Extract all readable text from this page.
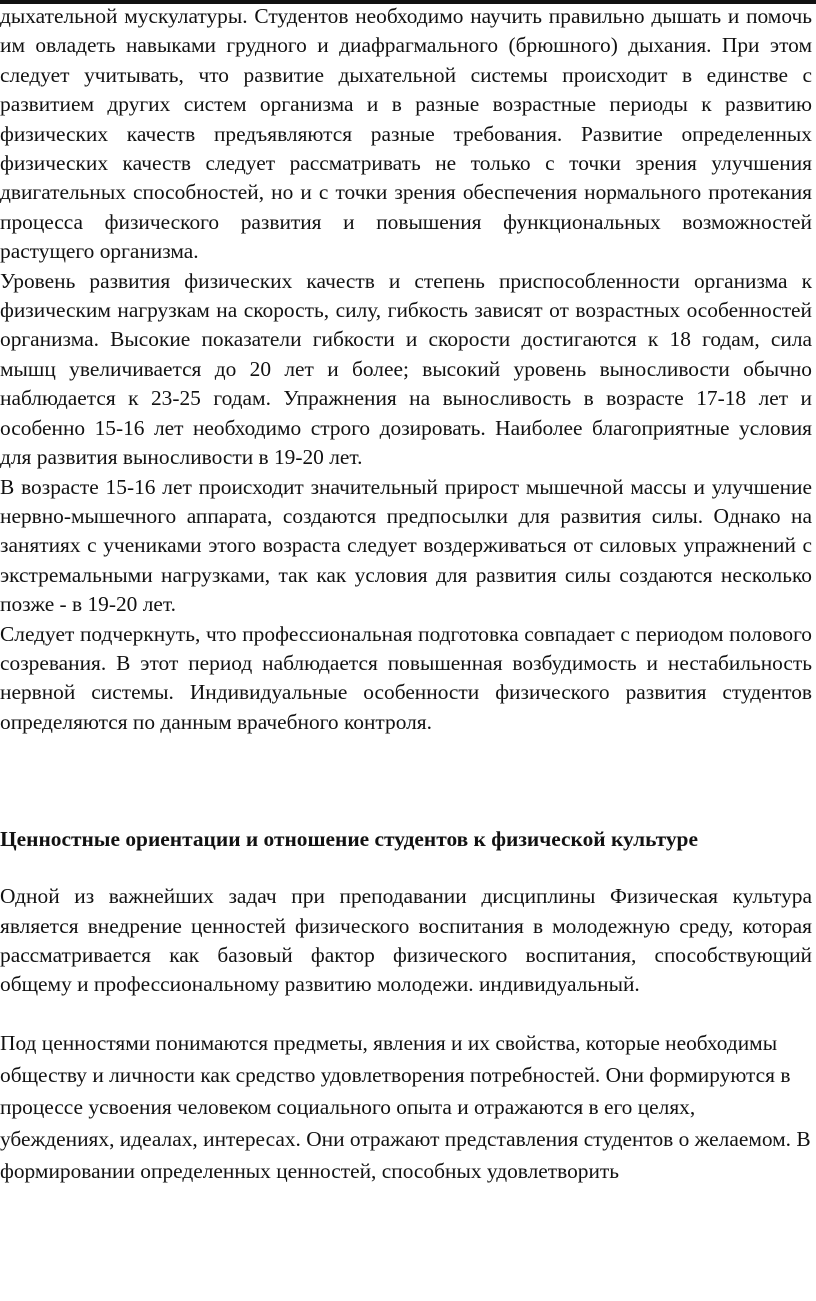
дыхательной мускулатуры. Студентов необходимо научить правильно дышать и помочь им овладеть навыками грудного и диафрагмального (брюшного) дыхания. При этом следует учитывать, что развитие дыхательной системы происходит в единстве с развитием других систем организма и в разные возрастные периоды к развитию физических качеств предъявляются разные требования. Развитие определенных физических качеств следует рассматривать не только с точки зрения улучшения двигательных способностей, но и с точки зрения обеспечения нормального протекания процесса физического развития и повышения функциональных возможностей растущего организма.

Уровень развития физических качеств и степень приспособленности организма к физическим нагрузкам на скорость, силу, гибкость зависят от возрастных особенностей организма. Высокие показатели гибкости и скорости достигаются к 18 годам, сила мышц увеличивается до 20 лет и более; высокий уровень выносливости обычно наблюдается к 23-25 годам. Упражнения на выносливость в возрасте 17-18 лет и особенно 15-16 лет необходимо строго дозировать. Наиболее благоприятные условия для развития выносливости в 19-20 лет.

В возрасте 15-16 лет происходит значительный прирост мышечной массы и улучшение нервно-мышечного аппарата, создаются предпосылки для развития силы. Однако на занятиях с учениками этого возраста следует воздерживаться от силовых упражнений с экстремальными нагрузками, так как условия для развития силы создаются несколько позже - в 19-20 лет.

Следует подчеркнуть, что профессиональная подготовка совпадает с периодом полового созревания. В этот период наблюдается повышенная возбудимость и нестабильность нервной системы. Индивидуальные особенности физического развития студентов определяются по данным врачебного контроля.

Ценностные ориентации и отношение студентов к физической культуре

Одной из важнейших задач при преподавании дисциплины Физическая культура является внедрение ценностей физического воспитания в молодежную среду, которая рассматривается как базовый фактор физического воспитания, способствующий общему и профессиональному развитию молодежи. индивидуальный.

Под ценностями понимаются предметы, явления и их свойства, которые необходимы обществу и личности как средство удовлетворения потребностей. Они формируются в процессе усвоения человеком социального опыта и отражаются в его целях, убеждениях, идеалах, интересах. Они отражают представления студентов о желаемом. В формировании определенных ценностей, способных удовлетворить
